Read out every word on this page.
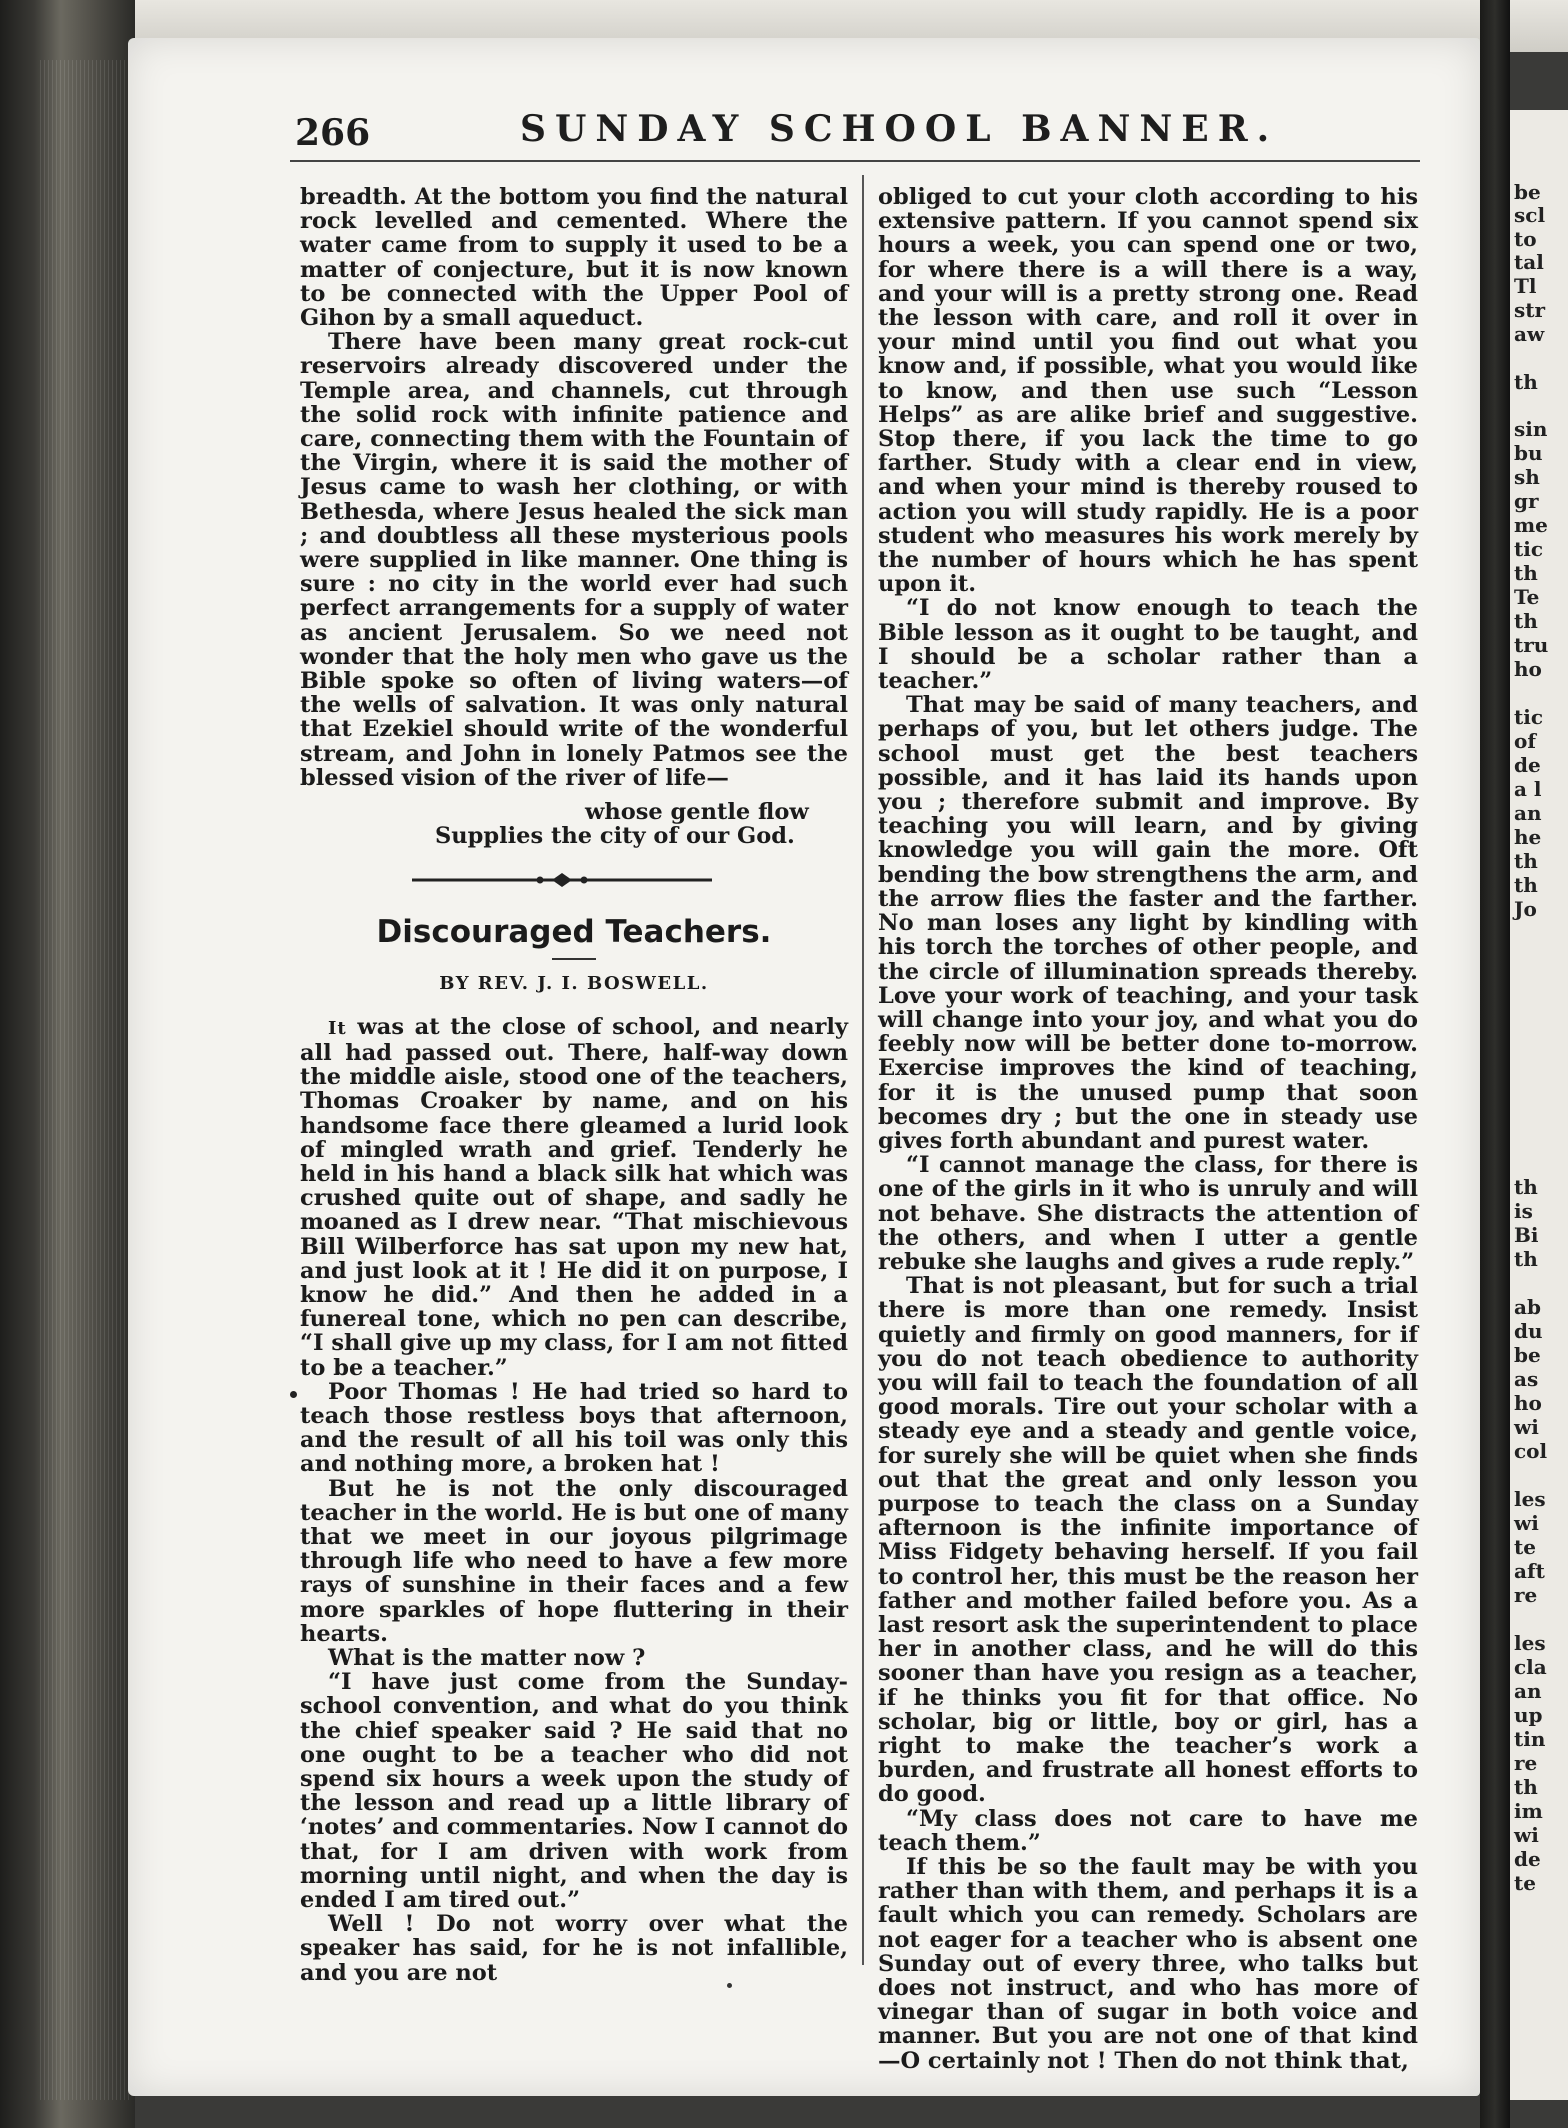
be
scl
to
tal
Tl
str
aw
th
sin
bu
sh
gr
me
tic
th
Te
th
tru
ho
tic
of
de
a l
an
he
th
th
Jo
th
is
Bi
th
ab
du
be
as
ho
wi
col
les
wi
te
aft
re
les
cla
an
up
tin
re
th
im
wi
de
te
266	SUNDAY SCHOOL BANNER.

breadth. At the bottom you find the natural rock levelled and cemented. Where the water came from to supply it used to be a matter of conjecture, but it is now known to be connected with the Upper Pool of Gihon by a small aqueduct.

There have been many great rock-cut reservoirs already discovered under the Temple area, and channels, cut through the solid rock with infinite patience and care, connecting them with the Fountain of the Virgin, where it is said the mother of Jesus came to wash her clothing, or with Bethesda, where Jesus healed the sick man ; and doubtless all these mysterious pools were supplied in like manner. One thing is sure : no city in the world ever had such perfect arrangements for a supply of water as ancient Jerusalem. So we need not wonder that the holy men who gave us the Bible spoke so often of living waters—of the wells of salvation. It was only natural that Ezekiel should write of the wonderful stream, and John in lonely Patmos see the blessed vision of the river of life—

whose gentle flow

Supplies the city of our God.

Discouraged Teachers.
BY REV. J. I. BOSWELL.

It was at the close of school, and nearly all had passed out. There, half-way down the middle aisle, stood one of the teachers, Thomas Croaker by name, and on his handsome face there gleamed a lurid look of mingled wrath and grief. Tenderly he held in his hand a black silk hat which was crushed quite out of shape, and sadly he moaned as I drew near. “That mischievous Bill Wilberforce has sat upon my new hat, and just look at it ! He did it on purpose, I know he did.” And then he added in a funereal tone, which no pen can describe, “I shall give up my class, for I am not fitted to be a teacher.”

Poor Thomas ! He had tried so hard to teach those restless boys that afternoon, and the result of all his toil was only this and nothing more, a broken hat !

But he is not the only discouraged teacher in the world. He is but one of many that we meet in our joyous pilgrimage through life who need to have a few more rays of sunshine in their faces and a few more sparkles of hope fluttering in their hearts.

What is the matter now ?

“I have just come from the Sunday-school convention, and what do you think the chief speaker said ? He said that no one ought to be a teacher who did not spend six hours a week upon the study of the lesson and read up a little library of ‘notes’ and commentaries. Now I cannot do that, for I am driven with work from morning until night, and when the day is ended I am tired out.”

Well ! Do not worry over what the speaker has said, for he is not infallible, and you are not

obliged to cut your cloth according to his extensive pattern. If you cannot spend six hours a week, you can spend one or two, for where there is a will there is a way, and your will is a pretty strong one. Read the lesson with care, and roll it over in your mind until you find out what you know and, if possible, what you would like to know, and then use such “Lesson Helps” as are alike brief and suggestive. Stop there, if you lack the time to go farther. Study with a clear end in view, and when your mind is thereby roused to action you will study rapidly. He is a poor student who measures his work merely by the number of hours which he has spent upon it.

“I do not know enough to teach the Bible lesson as it ought to be taught, and I should be a scholar rather than a teacher.”

That may be said of many teachers, and perhaps of you, but let others judge. The school must get the best teachers possible, and it has laid its hands upon you ; therefore submit and improve. By teaching you will learn, and by giving knowledge you will gain the more. Oft bending the bow strengthens the arm, and the arrow flies the faster and the farther. No man loses any light by kindling with his torch the torches of other people, and the circle of illumination spreads thereby. Love your work of teaching, and your task will change into your joy, and what you do feebly now will be better done to-morrow. Exercise improves the kind of teaching, for it is the unused pump that soon becomes dry ; but the one in steady use gives forth abundant and purest water.

“I cannot manage the class, for there is one of the girls in it who is unruly and will not behave. She distracts the attention of the others, and when I utter a gentle rebuke she laughs and gives a rude reply.”

That is not pleasant, but for such a trial there is more than one remedy. Insist quietly and firmly on good manners, for if you do not teach obedience to authority you will fail to teach the foundation of all good morals. Tire out your scholar with a steady eye and a steady and gentle voice, for surely she will be quiet when she finds out that the great and only lesson you purpose to teach the class on a Sunday afternoon is the infinite importance of Miss Fidgety behaving herself. If you fail to control her, this must be the reason her father and mother failed before you. As a last resort ask the superintendent to place her in another class, and he will do this sooner than have you resign as a teacher, if he thinks you fit for that office. No scholar, big or little, boy or girl, has a right to make the teacher’s work a burden, and frustrate all honest efforts to do good.

“My class does not care to have me teach them.”

If this be so the fault may be with you rather than with them, and perhaps it is a fault which you can remedy. Scholars are not eager for a teacher who is absent one Sunday out of every three, who talks but does not instruct, and who has more of vinegar than of sugar in both voice and manner. But you are not one of that kind —O certainly not ! Then do not think that,
